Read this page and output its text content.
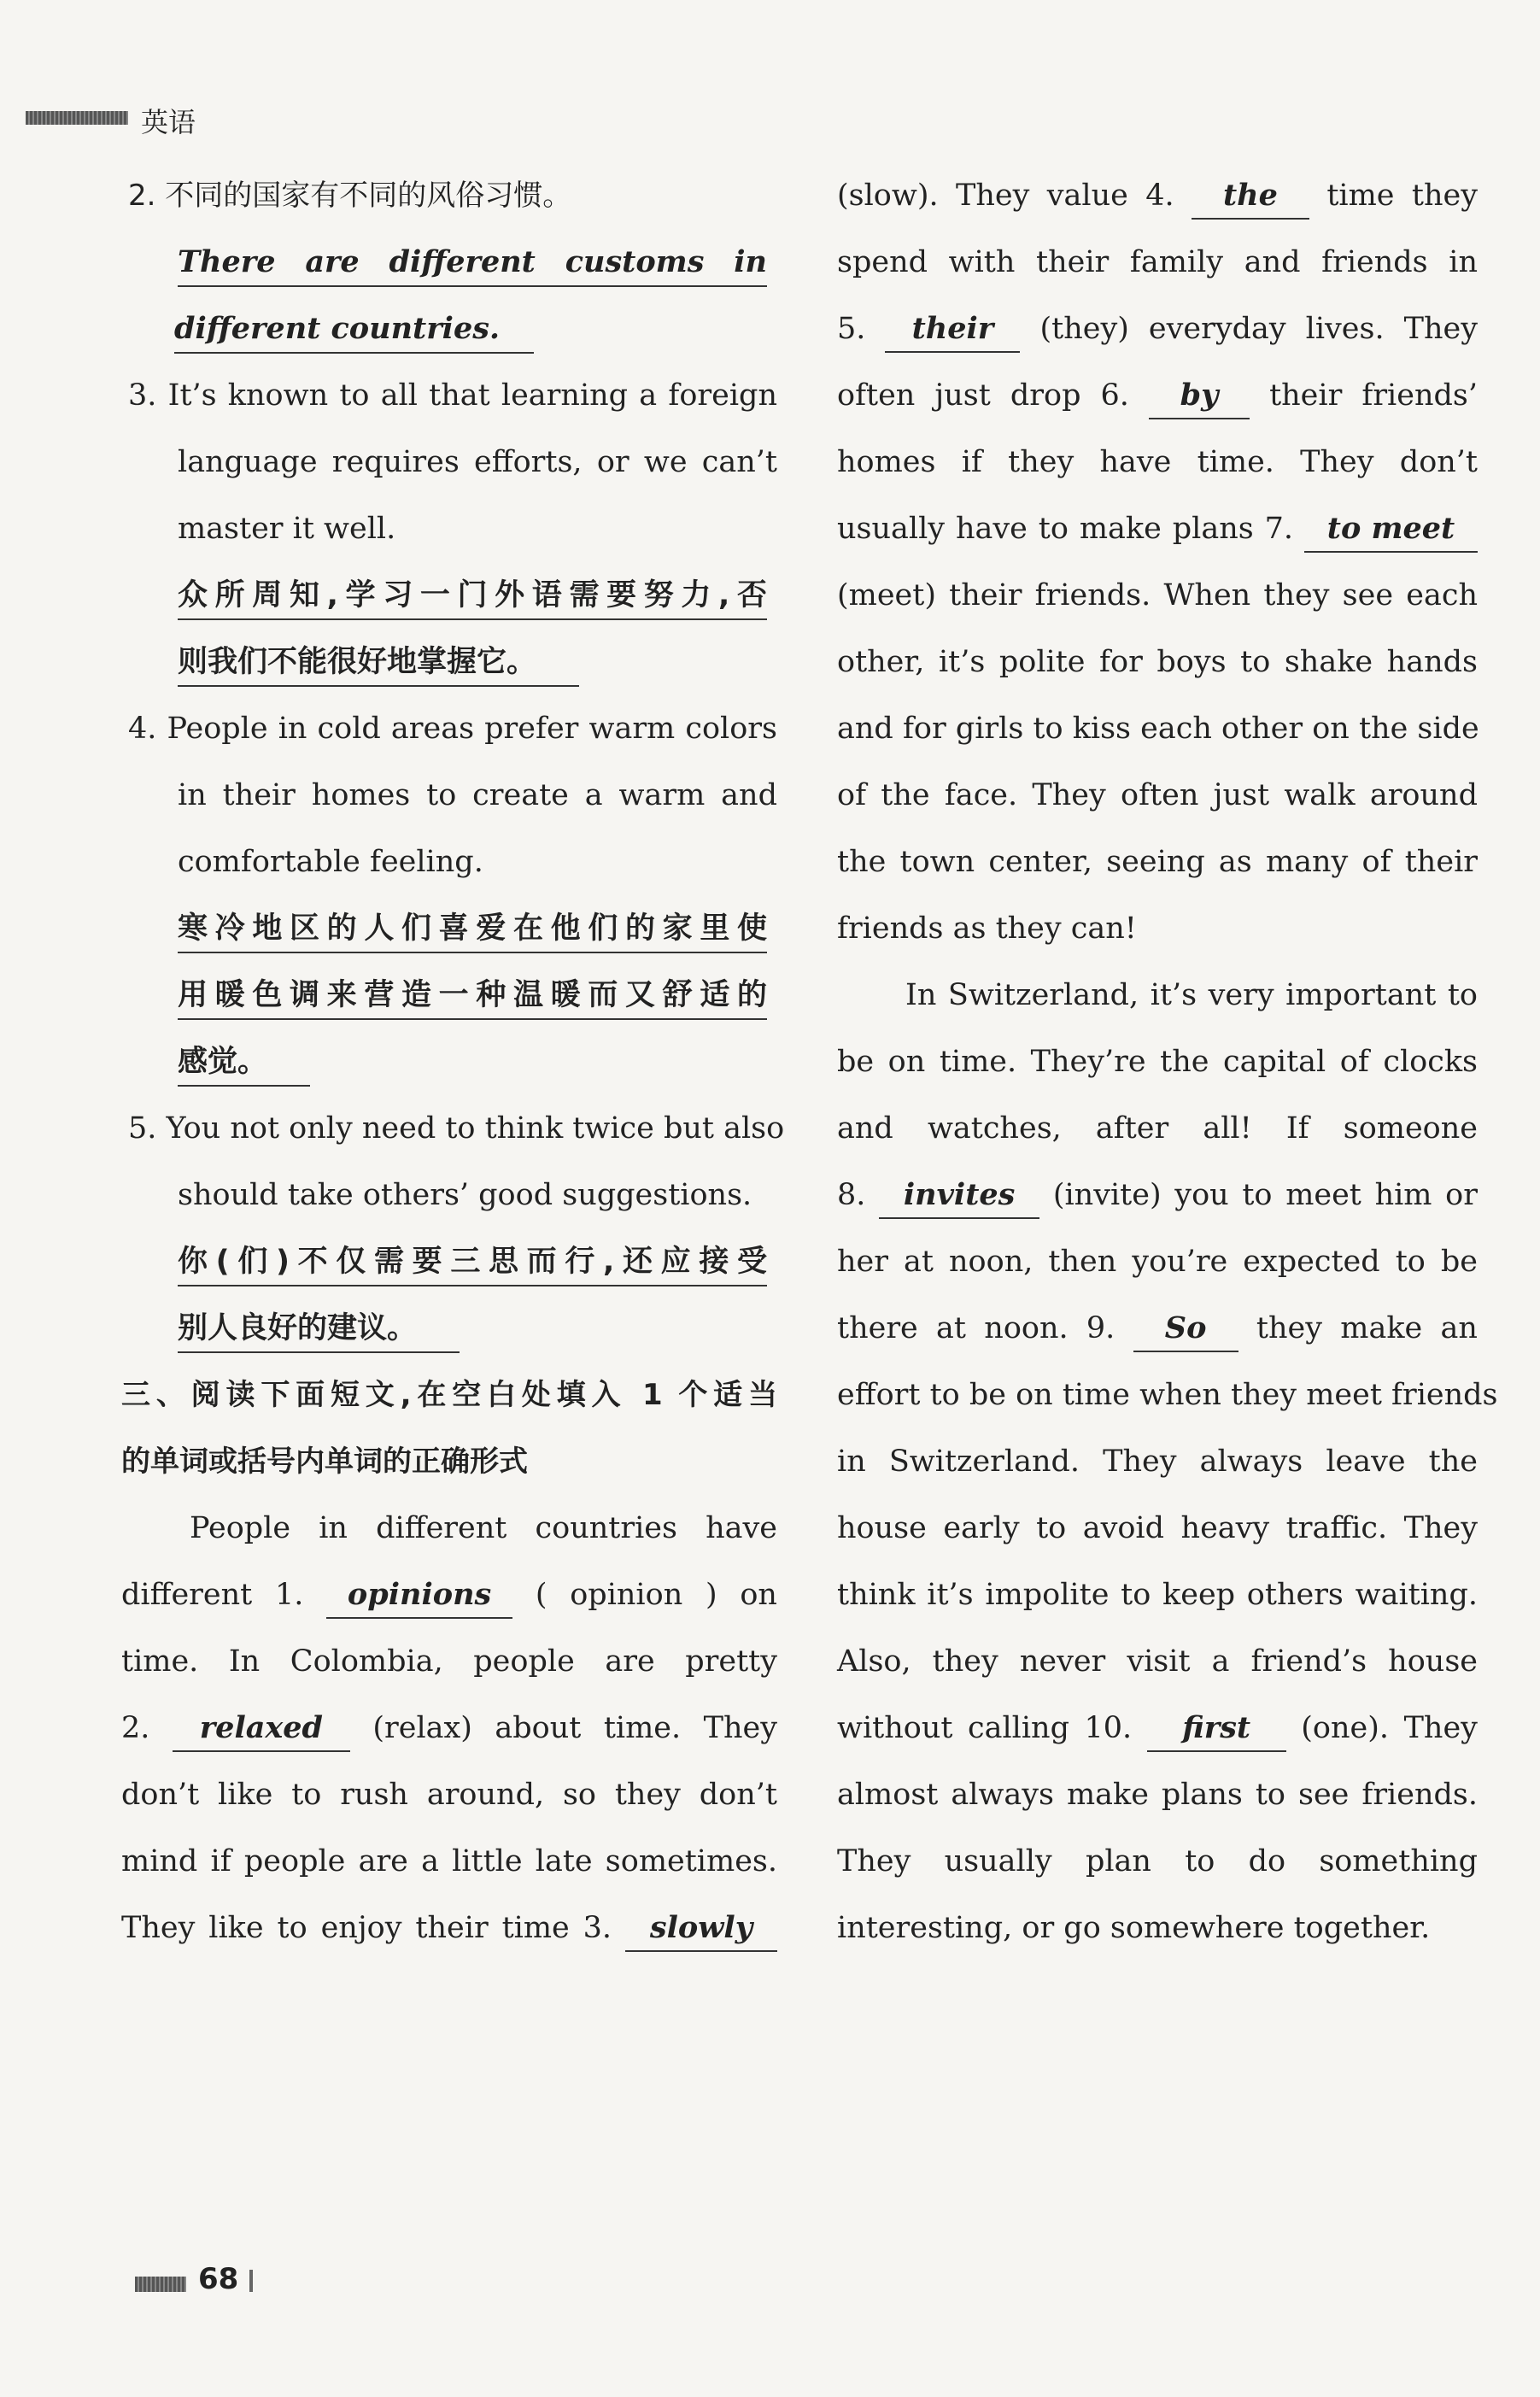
英语
2. 不同的国家有不同的风俗习惯。
There are different customs in
different countries.
3. It’s known to all that learning a foreign
language requires efforts, or we can’t
master it well.
众所周知,学习一门外语需要努力,否
则我们不能很好地掌握它。
4. People in cold areas prefer warm colors
in their homes to create a warm and
comfortable feeling.
寒冷地区的人们喜爱在他们的家里使
用暖色调来营造一种温暖而又舒适的
感觉。
5. You not only need to think twice but also
should take others’ good suggestions.
你(们)不仅需要三思而行,还应接受
别人良好的建议。
三、阅读下面短文,在空白处填入 1 个适当
的单词或括号内单词的正确形式
People in different countries have
different 1. opinions ( opinion ) on
time. In Colombia, people are pretty
2. relaxed (relax) about time. They
don’t like to rush around, so they don’t
mind if people are a little late sometimes.
They like to enjoy their time 3. slowly
(slow). They value 4. the time they
spend with their family and friends in
5. their (they) everyday lives. They
often just drop 6. by their friends’
homes if they have time. They don’t
usually have to make plans 7. to meet
(meet) their friends. When they see each
other, it’s polite for boys to shake hands
and for girls to kiss each other on the side
of the face. They often just walk around
the town center, seeing as many of their
friends as they can!
In Switzerland, it’s very important to
be on time. They’re the capital of clocks
and watches, after all! If someone
8. invites (invite) you to meet him or
her at noon, then you’re expected to be
there at noon. 9. So they make an
effort to be on time when they meet friends
in Switzerland. They always leave the
house early to avoid heavy traffic. They
think it’s impolite to keep others waiting.
Also, they never visit a friend’s house
without calling 10. first (one). They
almost always make plans to see friends.
They usually plan to do something
interesting, or go somewhere together.
68
